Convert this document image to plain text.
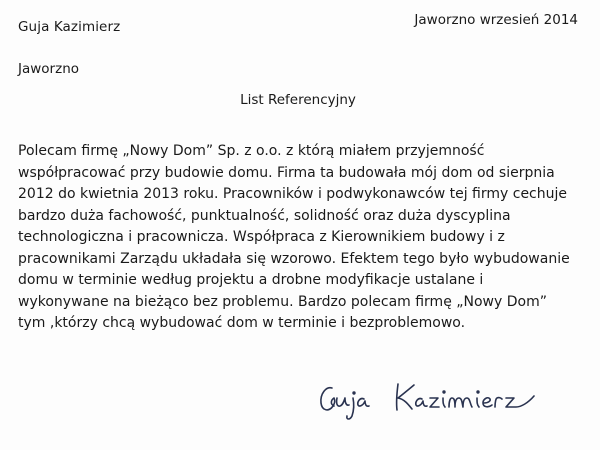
Guja Kazimierz
Jaworzno
Jaworzno wrzesień 2014
List Referencyjny
Polecam firmę „Nowy Dom” Sp. z o.o. z którą miałem przyjemność
współpracować przy budowie domu. Firma ta budowała mój dom od sierpnia
2012 do kwietnia 2013 roku. Pracowników i podwykonawców tej firmy cechuje
bardzo duża fachowość, punktualność, solidność oraz duża dyscyplina
technologiczna i pracownicza. Współpraca z Kierownikiem budowy i z
pracownikami Zarządu układała się wzorowo. Efektem tego było wybudowanie
domu w terminie według projektu a drobne modyfikacje ustalane i
wykonywane na bieżąco bez problemu. Bardzo polecam firmę „Nowy Dom”
tym ,którzy chcą wybudować dom w terminie i bezproblemowo.
